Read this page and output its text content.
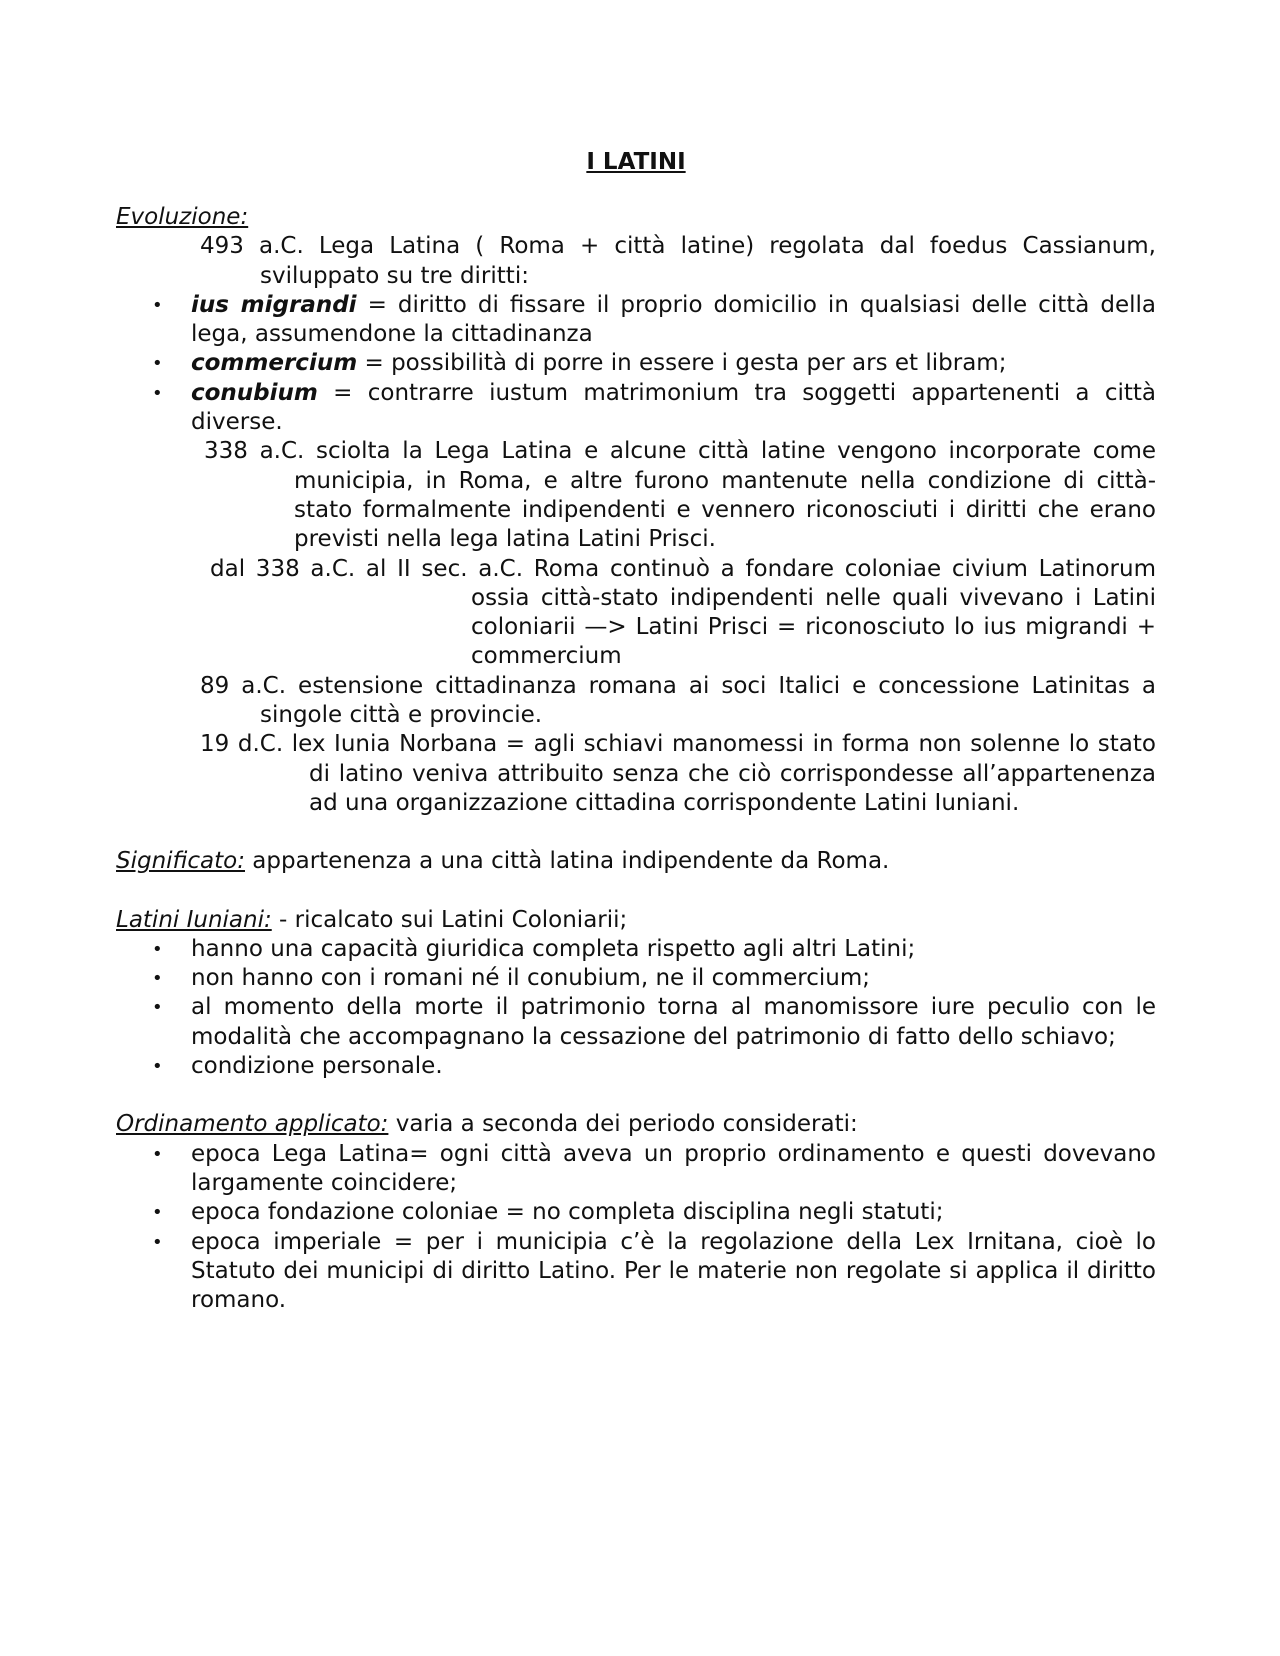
I LATINI

Evoluzione:

493 a.C. Lega Latina ( Roma + città latine) regolata dal foedus Cassianum, sviluppato su tre diritti:

• ius migrandi = diritto di fissare il proprio domicilio in qualsiasi delle città della lega, assumendone la cittadinanza
• commercium = possibilità di porre in essere i gesta per ars et libram;
• conubium = contrarre iustum matrimonium tra soggetti appartenenti a città diverse.

338 a.C. sciolta la Lega Latina e alcune città latine vengono incorporate come municipia, in Roma, e altre furono mantenute nella condizione di città-stato formalmente indipendenti e vennero riconosciuti i diritti che erano previsti nella lega latina Latini Prisci.

dal 338 a.C. al II sec. a.C. Roma continuò a fondare coloniae civium Latinorum ossia città-stato indipendenti nelle quali vivevano i Latini coloniarii —> Latini Prisci = riconosciuto lo ius migrandi + commercium

89 a.C. estensione cittadinanza romana ai soci Italici e concessione Latinitas a singole città e provincie.

19 d.C. lex Iunia Norbana = agli schiavi manomessi in forma non solenne lo stato di latino veniva attribuito senza che ciò corrispondesse all’appartenenza ad una organizzazione cittadina corrispondente Latini Iuniani.

Significato: appartenenza a una città latina indipendente da Roma.

Latini Iuniani: - ricalcato sui Latini Coloniarii;

• hanno una capacità giuridica completa rispetto agli altri Latini;
• non hanno con i romani né il conubium, ne il commercium;
• al momento della morte il patrimonio torna al manomissore iure peculio con le modalità che accompagnano la cessazione del patrimonio di fatto dello schiavo;
• condizione personale.

Ordinamento applicato: varia a seconda dei periodo considerati:

• epoca Lega Latina= ogni città aveva un proprio ordinamento e questi dovevano largamente coincidere;
• epoca fondazione coloniae = no completa disciplina negli statuti;
• epoca imperiale = per i municipia c’è la regolazione della Lex Irnitana, cioè lo Statuto dei municipi di diritto Latino. Per le materie non regolate si applica il diritto romano.
